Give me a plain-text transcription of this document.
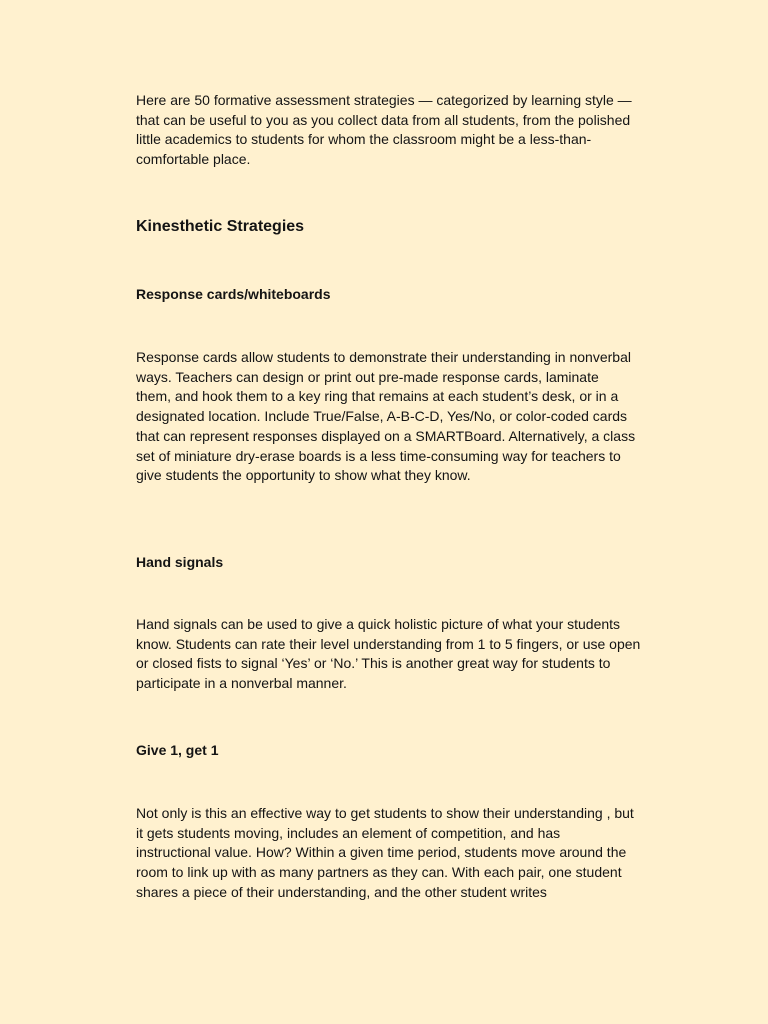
Here are 50 formative assessment strategies — categorized by learning style — that can be useful to you as you collect data from all students, from the polished little academics to students for whom the classroom might be a less-than-comfortable place.

Kinesthetic Strategies
Response cards/whiteboards

Response cards allow students to demonstrate their understanding in nonverbal ways. Teachers can design or print out pre-made response cards, laminate them, and hook them to a key ring that remains at each student’s desk, or in a designated location. Include True/False, A-B-C-D, Yes/No, or color-coded cards that can represent responses displayed on a SMARTBoard. Alternatively, a class set of miniature dry-erase boards is a less time-consuming way for teachers to give students the opportunity to show what they know.

Hand signals

Hand signals can be used to give a quick holistic picture of what your students know. Students can rate their level understanding from 1 to 5 fingers, or use open or closed fists to signal ‘Yes’ or ‘No.’ This is another great way for students to participate in a nonverbal manner.

Give 1, get 1

Not only is this an effective way to get students to show their understanding , but it gets students moving, includes an element of competition, and has instructional value. How? Within a given time period, students move around the room to link up with as many partners as they can. With each pair, one student shares a piece of their understanding, and the other student writes
